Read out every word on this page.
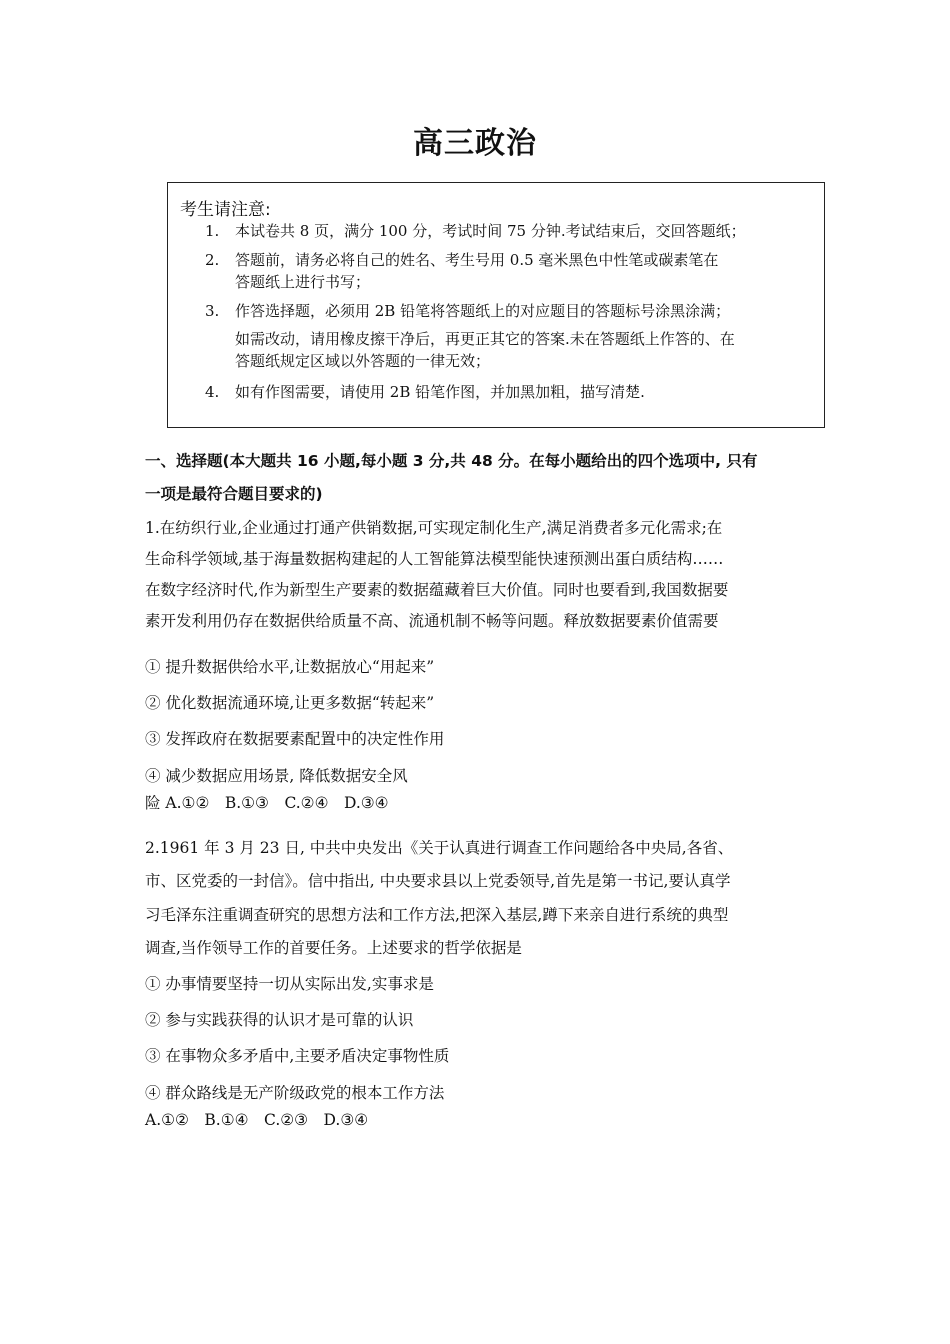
高三政治
考生请注意:
1. 本试卷共 8 页，满分 100 分，考试时间 75 分钟.考试结束后，交回答题纸；
2. 答题前，请务必将自己的姓名、考生号用 0.5 毫米黑色中性笔或碳素笔在
答题纸上进行书写；
3. 作答选择题，必须用 2B 铅笔将答题纸上的对应题目的答题标号涂黑涂满；
如需改动，请用橡皮擦干净后，再更正其它的答案.未在答题纸上作答的、在
答题纸规定区域以外答题的一律无效；
4. 如有作图需要，请使用 2B 铅笔作图，并加黑加粗，描写清楚.
一、选择题(本大题共 16 小题,每小题 3 分,共 48 分。在每小题给出的四个选项中, 只有
一项是最符合题目要求的)
1.在纺织行业,企业通过打通产供销数据,可实现定制化生产,满足消费者多元化需求;在
生命科学领域,基于海量数据构建起的人工智能算法模型能快速预测出蛋白质结构……
在数字经济时代,作为新型生产要素的数据蕴藏着巨大价值。同时也要看到,我国数据要
素开发利用仍存在数据供给质量不高、流通机制不畅等问题。释放数据要素价值需要
① 提升数据供给水平,让数据放心“用起来”
② 优化数据流通环境,让更多数据“转起来”
③ 发挥政府在数据要素配置中的决定性作用
④ 减少数据应用场景, 降低数据安全风
险 A.①②　B.①③　C.②④　D.③④
2.1961 年 3 月 23 日, 中共中央发出《关于认真进行调查工作问题给各中央局,各省、
市、区党委的一封信》。信中指出, 中央要求县以上党委领导,首先是第一书记,要认真学
习毛泽东注重调查研究的思想方法和工作方法,把深入基层,蹲下来亲自进行系统的典型
调查,当作领导工作的首要任务。上述要求的哲学依据是
① 办事情要坚持一切从实际出发,实事求是
② 参与实践获得的认识才是可靠的认识
③ 在事物众多矛盾中,主要矛盾决定事物性质
④ 群众路线是无产阶级政党的根本工作方法
A.①②　B.①④　C.②③　D.③④
